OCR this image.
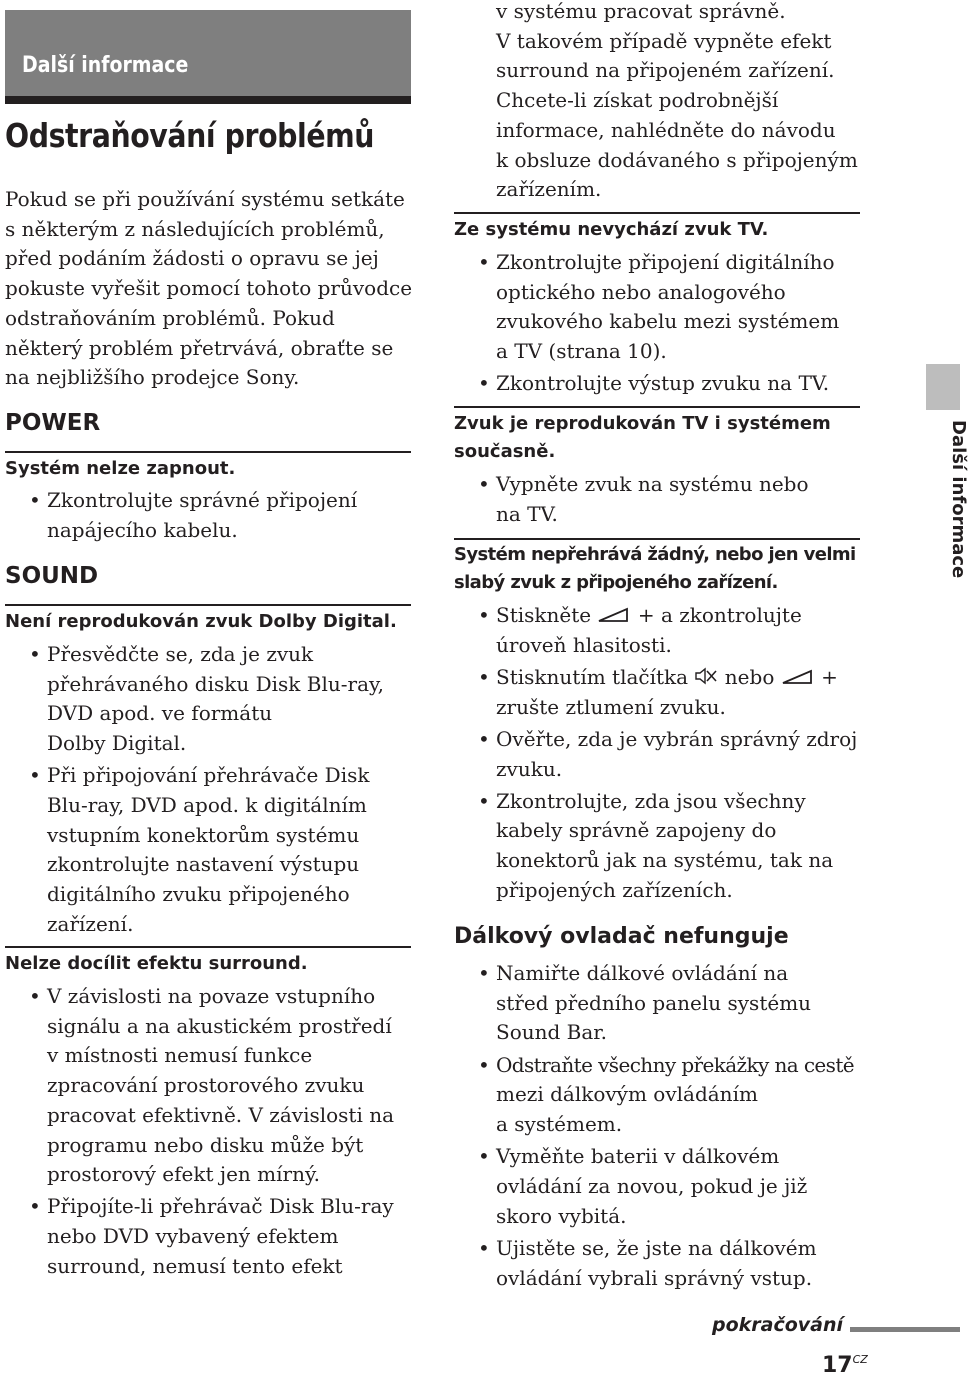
Další informace
Odstraňování problémů
Pokud se při používání systému setkáte
s některým z následujících problémů,
před podáním žádosti o opravu se jej
pokuste vyřešit pomocí tohoto průvodce
odstraňováním problémů. Pokud
některý problém přetrvává, obraťte se
na nejbližšího prodejce Sony.
POWER
Systém nelze zapnout.
• Zkontrolujte správné připojení
napájecího kabelu.
SOUND
Není reprodukován zvuk Dolby Digital.
• Přesvědčte se, zda je zvuk
přehrávaného disku Disk Blu-ray,
DVD apod. ve formátu
Dolby Digital.
• Při připojování přehrávače Disk
Blu-ray, DVD apod. k digitálním
vstupním konektorům systému
zkontrolujte nastavení výstupu
digitálního zvuku připojeného
zařízení.
Nelze docílit efektu surround.
• V závislosti na povaze vstupního
signálu a na akustickém prostředí
v místnosti nemusí funkce
zpracování prostorového zvuku
pracovat efektivně. V závislosti na
programu nebo disku může být
prostorový efekt jen mírný.
• Připojíte-li přehrávač Disk Blu-ray
nebo DVD vybavený efektem
surround, nemusí tento efekt
v systému pracovat správně.
V takovém případě vypněte efekt
surround na připojeném zařízení.
Chcete-li získat podrobnější
informace, nahlédněte do návodu
k obsluze dodávaného s připojeným
zařízením.
Ze systému nevychází zvuk TV.
• Zkontrolujte připojení digitálního
optického nebo analogového
zvukového kabelu mezi systémem
a TV (strana 10).
• Zkontrolujte výstup zvuku na TV.
Zvuk je reprodukován TV i systémem
současně.
• Vypněte zvuk na systému nebo
na TV.
Systém nepřehrává žádný, nebo jen velmi
slabý zvuk z připojeného zařízení.
• Stiskněte + a zkontrolujte
úroveň hlasitosti.
• Stisknutím tlačítka nebo +
zrušte ztlumení zvuku.
• Ověřte, zda je vybrán správný zdroj
zvuku.
• Zkontrolujte, zda jsou všechny
kabely správně zapojeny do
konektorů jak na systému, tak na
připojených zařízeních.
Dálkový ovladač nefunguje
• Namiřte dálkové ovládání na
střed předního panelu systému
Sound Bar.
• Odstraňte všechny překážky na cestě
mezi dálkovým ovládáním
a systémem.
• Vyměňte baterii v dálkovém
ovládání za novou, pokud je již
skoro vybitá.
• Ujistěte se, že jste na dálkovém
ovládání vybrali správný vstup.
Další informace
pokračování
$17^{CZ}$
